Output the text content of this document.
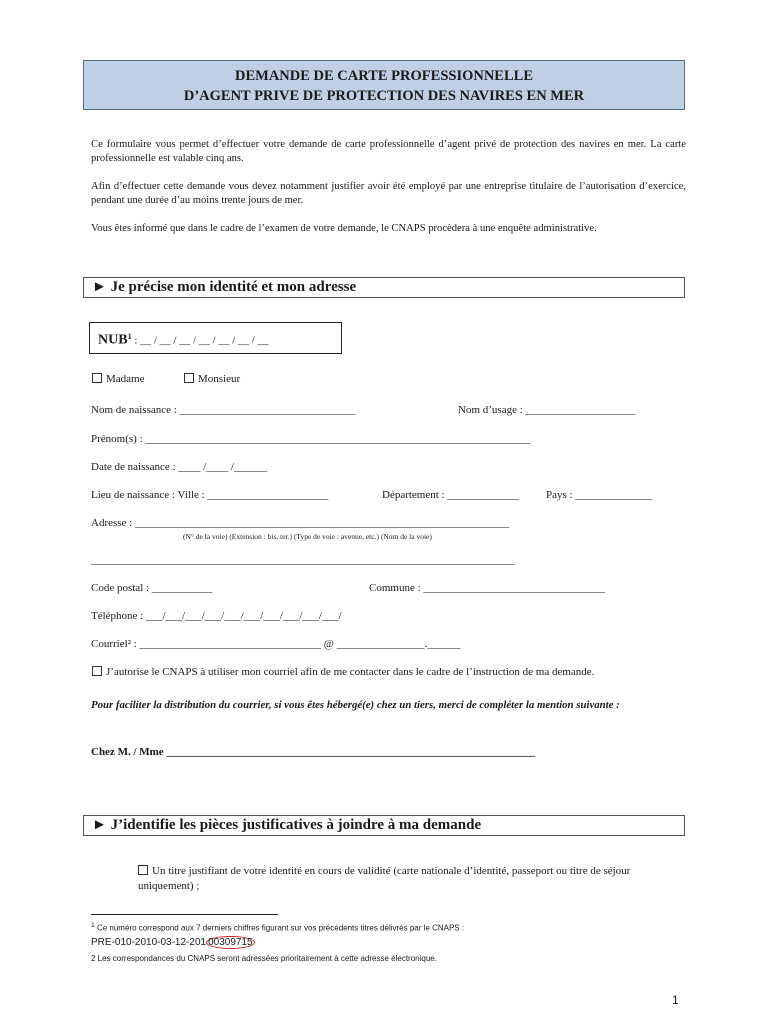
DEMANDE DE CARTE PROFESSIONNELLE
D’AGENT PRIVE DE PROTECTION DES NAVIRES EN MER
Ce formulaire vous permet d’effectuer votre demande de carte professionnelle d’agent privé de protection des navires en mer. La carte professionnelle est valable cinq ans.
Afin d’effectuer cette demande vous devez notamment justifier avoir été employé par une entreprise titulaire de l’autorisation d’exercice, pendant une durée d’au moins trente jours de mer.
Vous êtes informé que dans le cadre de l’examen de votre demande, le CNAPS procèdera à une enquête administrative.
► Je précise mon identité et mon adresse
NUB$^1$ : __ / __ / __ / __ / __ / __ / __
Madame	Monsieur
Nom de naissance : ________________________________	Nom d’usage : ____________________
Prénom(s) : ______________________________________________________________________
Date de naissance : ____ /____ /______
Lieu de naissance : Ville : ______________________	Département : _____________ Pays : ______________
Adresse : ____________________________________________________________________
(N° de la voie) (Extension : bis, ter.) (Type de voie : avenue, etc.) (Nom de la voie)
_____________________________________________________________________________
Code postal : ___________	Commune : _________________________________
Téléphone : ___/___/___/___/___/___/___/___/___/___/
Courriel² : _________________________________ @ ________________.______
J’autorise le CNAPS à utiliser mon courriel afin de me contacter dans le cadre de l’instruction de ma demande.
Pour faciliter la distribution du courrier, si vous êtes hébergé(e) chez un tiers, merci de compléter la mention suivante :
Chez M. / Mme ___________________________________________________________________
► J’identifie les pièces justificatives à joindre à ma demande
Un titre justifiant de votre identité en cours de validité (carte nationale d’identité, passeport ou titre de séjour uniquement) ;
$^1$ Ce numéro correspond aux 7 derniers chiffres figurant sur vos précédents titres délivrés par le CNAPS :
PRE-010-2010-03-12-201 00309715
2 Les correspondances du CNAPS seront adressées prioritairement à cette adresse électronique.
1
